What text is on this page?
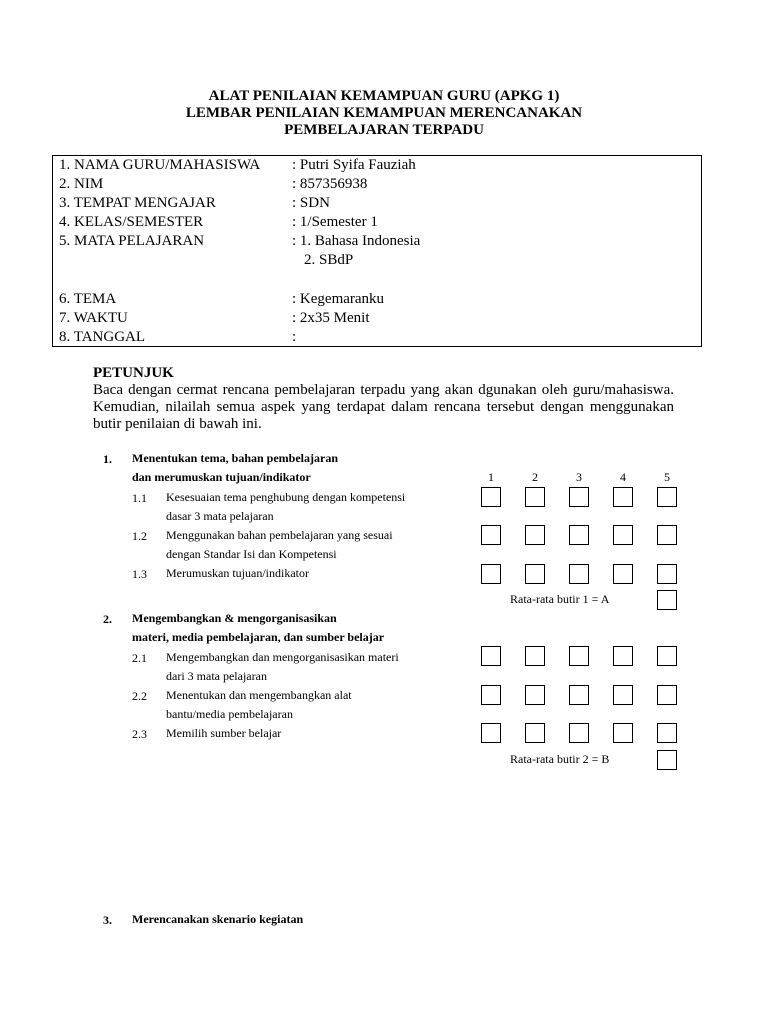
ALAT PENILAIAN KEMAMPUAN GURU (APKG 1)
LEMBAR PENILAIAN KEMAMPUAN MERENCANAKAN
PEMBELAJARAN TERPADU
1. NAMA GURU/MAHASISWA : Putri Syifa Fauziah
2. NIM	: 857356938
3. TEMPAT MENGAJAR	: SDN
4. KELAS/SEMESTER	: 1/Semester 1
5. MATA PELAJARAN	: 1. Bahasa Indonesia
2. SBdP
6. TEMA	: Kegemaranku
7. WAKTU	: 2x35 Menit
8. TANGGAL	:
PETUNJUK
Baca dengan cermat rencana pembelajaran terpadu yang akan dgunakan oleh guru/mahasiswa. Kemudian, nilailah semua aspek yang terdapat dalam rencana tersebut dengan menggunakan butir penilaian di bawah ini.
1. Menentukan tema, bahan pembelajaran
dan merumuskan tujuan/indikator	1	2	3	4	5
1.1 Kesesuaian tema penghubung dengan kompetensi
dasar 3 mata pelajaran
1.2 Menggunakan bahan pembelajaran yang sesuai
dengan Standar Isi dan Kompetensi
1.3 Merumuskan tujuan/indikator
Rata-rata butir 1 = A
2. Mengembangkan & mengorganisasikan
materi, media pembelajaran, dan sumber belajar
2.1 Mengembangkan dan mengorganisasikan materi
dari 3 mata pelajaran
2.2 Menentukan dan mengembangkan alat
bantu/media pembelajaran
2.3 Memilih sumber belajar
Rata-rata butir 2 = B
3. Merencanakan skenario kegiatan
